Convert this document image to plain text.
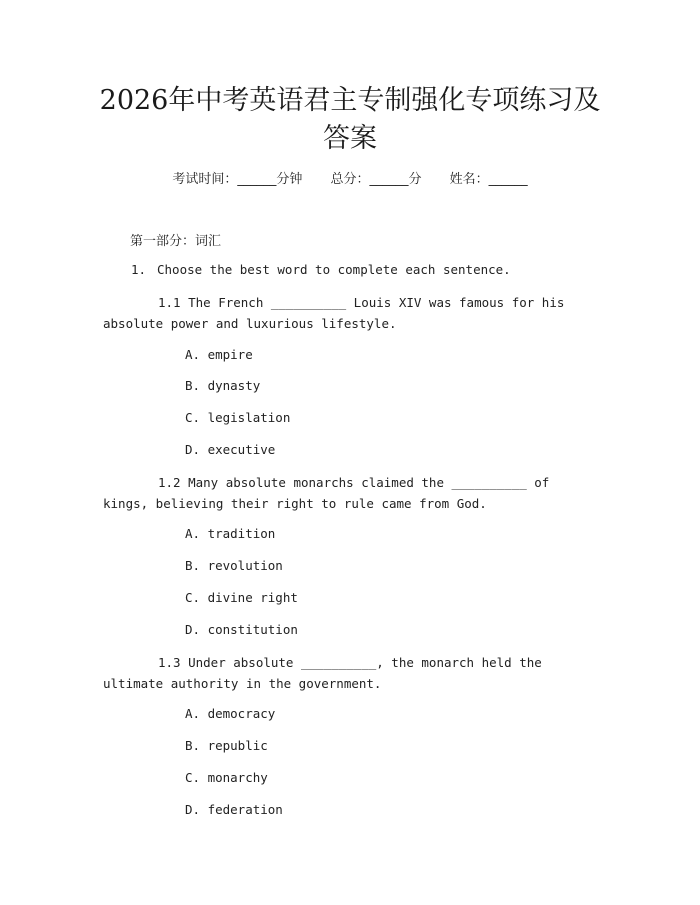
2026年中考英语君主专制强化专项练习及答案
考试时间：______分钟 总分：______分 姓名：______
第一部分：词汇
1. Choose the best word to complete each sentence.
1.1 The French __________ Louis XIV was famous for his absolute power and luxurious lifestyle.
A. empire
B. dynasty
C. legislation
D. executive
1.2 Many absolute monarchs claimed the __________ of kings, believing their right to rule came from God.
A. tradition
B. revolution
C. divine right
D. constitution
1.3 Under absolute __________, the monarch held the ultimate authority in the government.
A. democracy
B. republic
C. monarchy
D. federation
